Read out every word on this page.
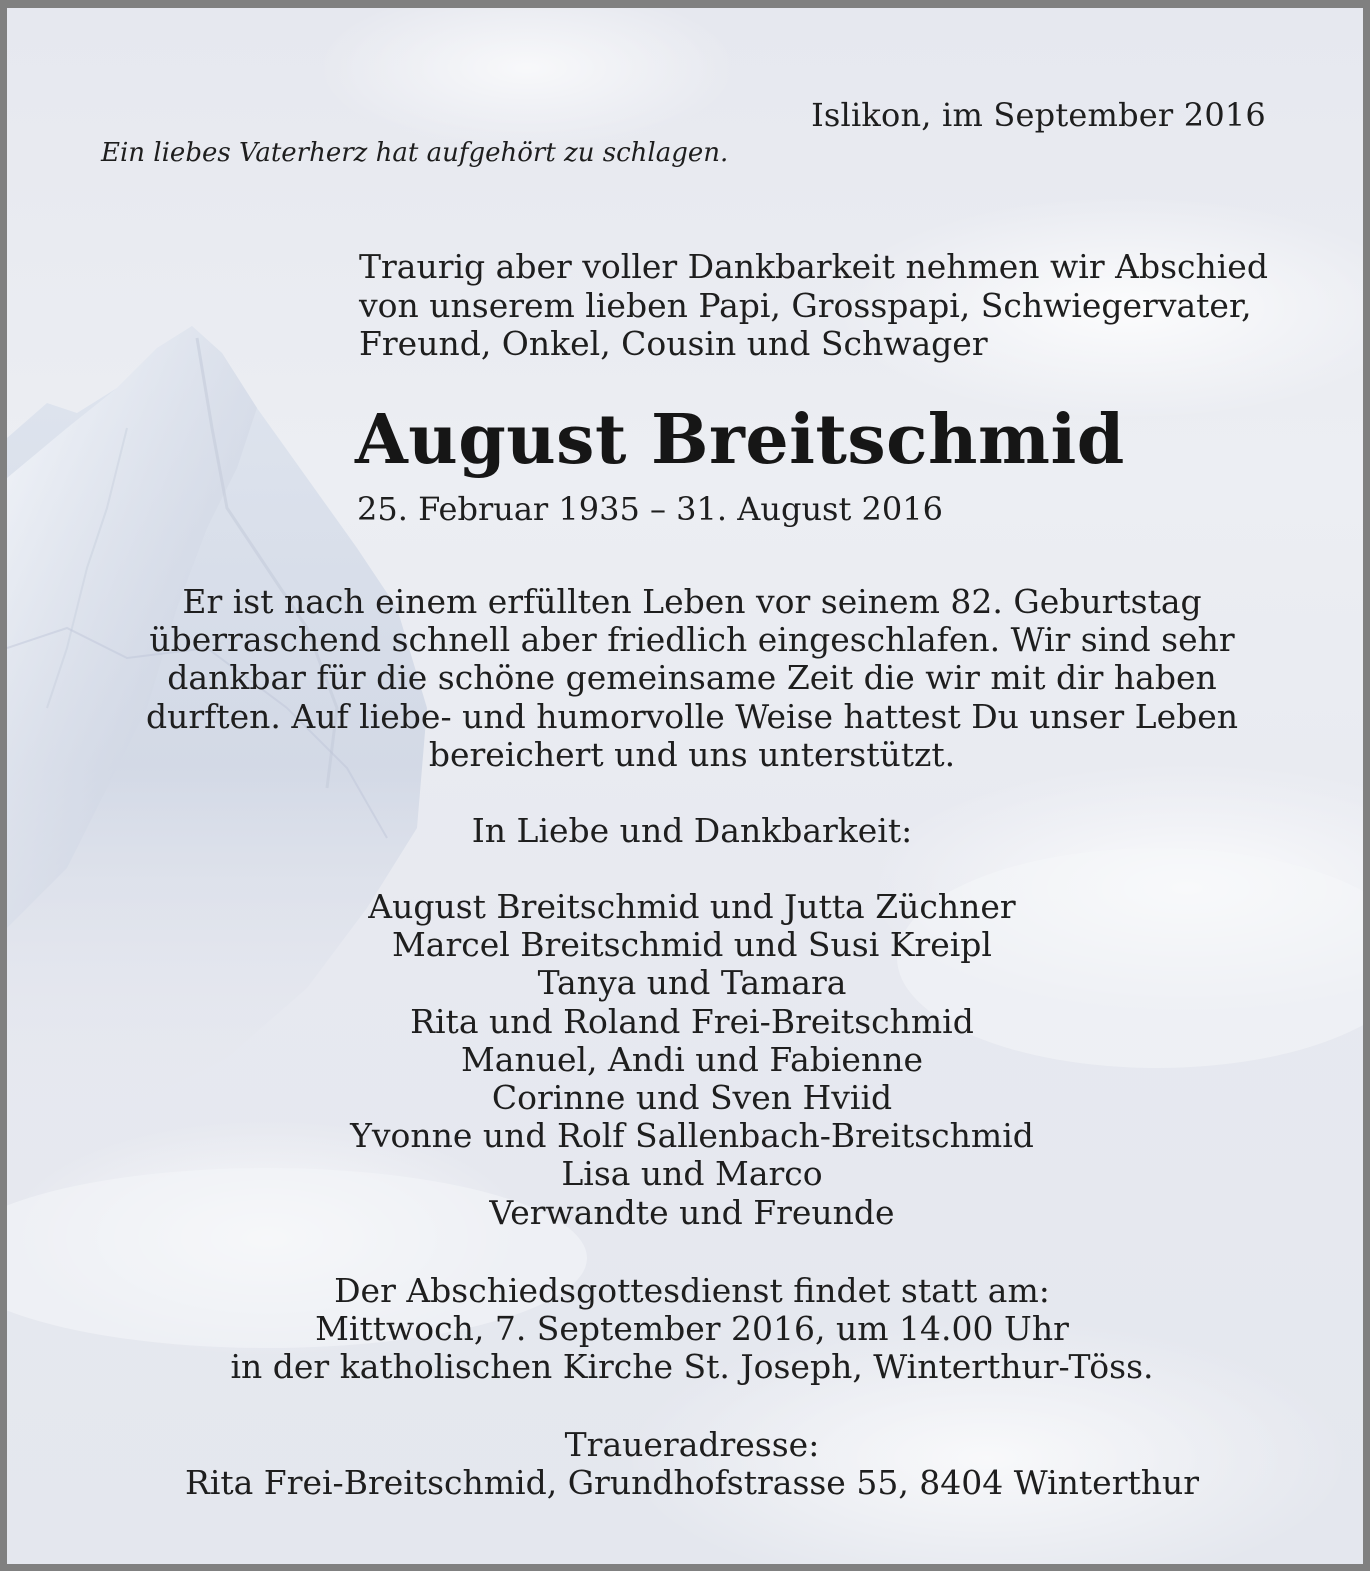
Islikon, im September 2016
Ein liebes Vaterherz hat aufgehört zu schlagen.
Traurig aber voller Dankbarkeit nehmen wir Abschied
von unserem lieben Papi, Grosspapi, Schwiegervater,
Freund, Onkel, Cousin und Schwager
August Breitschmid
25. Februar 1935 – 31. August 2016
Er ist nach einem erfüllten Leben vor seinem 82. Geburtstag
überraschend schnell aber friedlich eingeschlafen. Wir sind sehr
dankbar für die schöne gemeinsame Zeit die wir mit dir haben
durften. Auf liebe- und humorvolle Weise hattest Du unser Leben
bereichert und uns unterstützt.
In Liebe und Dankbarkeit:
August Breitschmid und Jutta Züchner
Marcel Breitschmid und Susi Kreipl
Tanya und Tamara
Rita und Roland Frei-Breitschmid
Manuel, Andi und Fabienne
Corinne und Sven Hviid
Yvonne und Rolf Sallenbach-Breitschmid
Lisa und Marco
Verwandte und Freunde
Der Abschiedsgottesdienst findet statt am:
Mittwoch, 7. September 2016, um 14.00 Uhr
in der katholischen Kirche St. Joseph, Winterthur-Töss.
Traueradresse:
Rita Frei-Breitschmid, Grundhofstrasse 55, 8404 Winterthur
